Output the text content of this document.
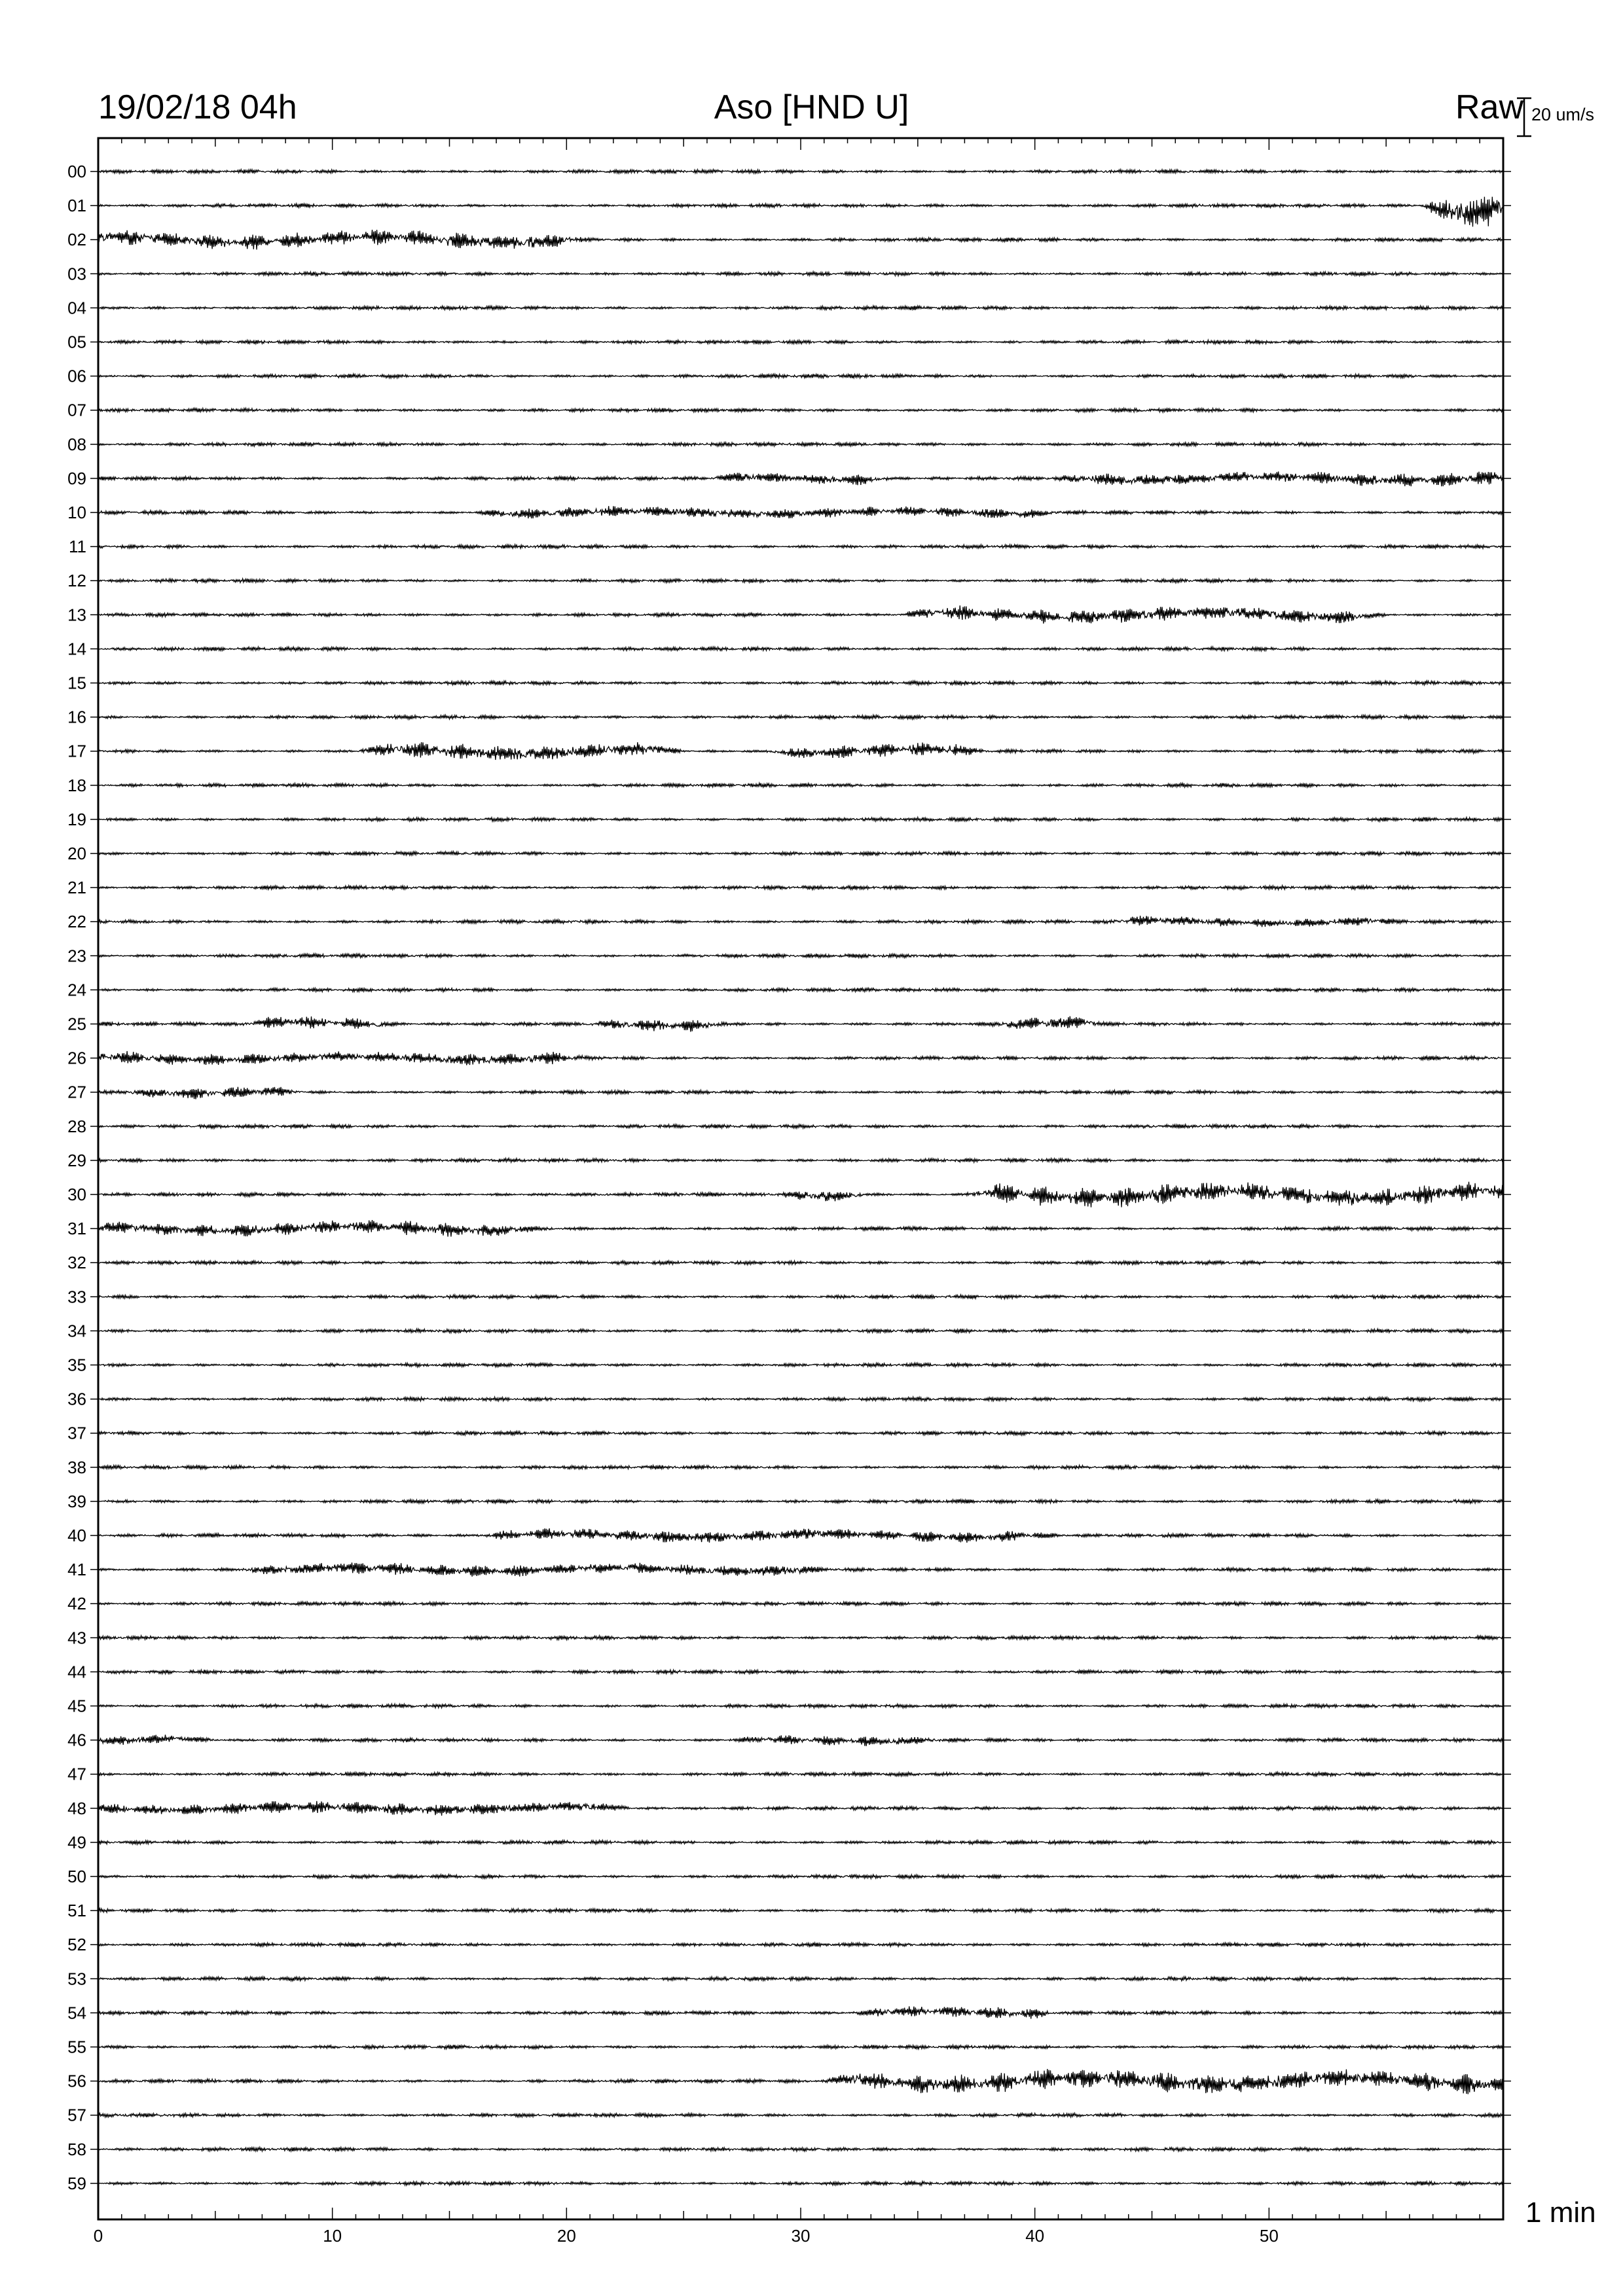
00
01
02
03
04
05
06
07
08
09
10
11
12
13
14
15
16
17
18
19
20
21
22
23
24
25
26
27
28
29
30
31
32
33
34
35
36
37
38
39
40
41
42
43
44
45
46
47
48
49
50
51
52
53
54
55
56
57
58
59
0	10	20	30	40	50
19/02/18 04h	Aso [HND U]	Raw 20 um/s
1 min
